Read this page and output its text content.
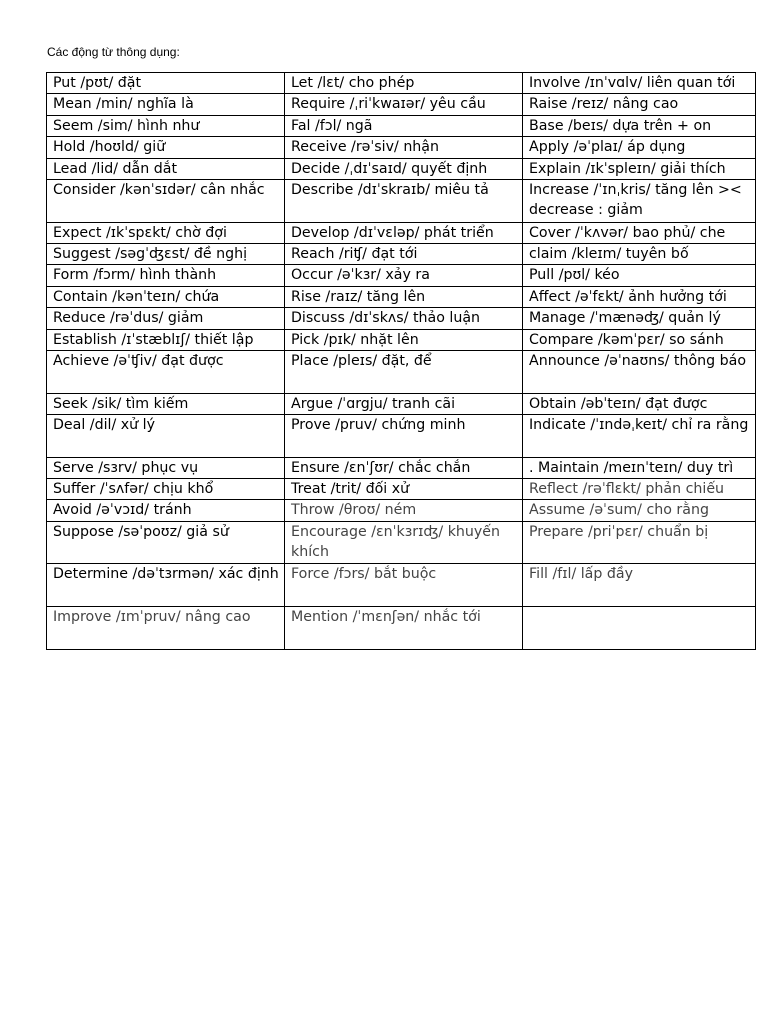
Các động từ thông dụng:
Put /pʊt/ đặt	Let /lɛt/ cho phép	Involve /ɪnˈvɑlv/ liên quan tới
Mean /min/ nghĩa là	Require /ˌriˈkwaɪər/ yêu cầu	Raise /reɪz/ nâng cao
Seem /sim/ hình như	Fal /fɔl/ ngã	Base /beɪs/ dựa trên + on
Hold /hoʊld/ giữ	Receive /rəˈsiv/ nhận	Apply /əˈplaɪ/ áp dụng
Lead /lid/ dẫn dắt	Decide /ˌdɪˈsaɪd/ quyết định	Explain /ɪkˈspleɪn/ giải thích
Consider /kənˈsɪdər/ cân nhắc	Describe /dɪˈskraɪb/ miêu tả	Increase /ˈɪnˌkris/ tăng lên >< decrease : giảm
Expect /ɪkˈspɛkt/ chờ đợi	Develop /dɪˈvɛləp/ phát triển	Cover /ˈkʌvər/ bao phủ/ che
Suggest /səgˈʤɛst/ đề nghị	Reach /riʧ/ đạt tới	claim /kleɪm/ tuyên bố
Form /fɔrm/ hình thành	Occur /əˈkɜr/ xảy ra	Pull /pʊl/ kéo
Contain /kənˈteɪn/ chứa	Rise /raɪz/ tăng lên	Affect /əˈfɛkt/ ảnh hưởng tới
Reduce /rəˈdus/ giảm	Discuss /dɪˈskʌs/ thảo luận	Manage /ˈmænəʤ/ quản lý
Establish /ɪˈstæblɪʃ/ thiết lập	Pick /pɪk/ nhặt lên	Compare /kəmˈpɛr/ so sánh
Achieve /əˈʧiv/ đạt được	Place /pleɪs/ đặt, để	Announce /əˈnaʊns/ thông báo
Seek /sik/ tìm kiếm	Argue /ˈɑrgju/ tranh cãi	Obtain /əbˈteɪn/ đạt được
Deal /dil/ xử lý	Prove /pruv/ chứng minh	Indicate /ˈɪndəˌkeɪt/ chỉ ra rằng
Serve /sɜrv/ phục vụ	Ensure /ɛnˈʃʊr/ chắc chắn	. Maintain /meɪnˈteɪn/ duy trì
Suffer /ˈsʌfər/ chịu khổ	Treat /trit/ đối xử	Reflect /rəˈflɛkt/ phản chiếu
Avoid /əˈvɔɪd/ tránh	Throw /θroʊ/ ném	Assume /əˈsum/ cho rằng
Suppose /səˈpoʊz/ giả sử	Encourage /ɛnˈkɜrɪʤ/ khuyến khích	Prepare /priˈpɛr/ chuẩn bị
Determine /dəˈtɜrmən/ xác định	Force /fɔrs/ bắt buộc	Fill /fɪl/ lấp đầy
Improve /ɪmˈpruv/ nâng cao	Mention /ˈmɛnʃən/ nhắc tới	
